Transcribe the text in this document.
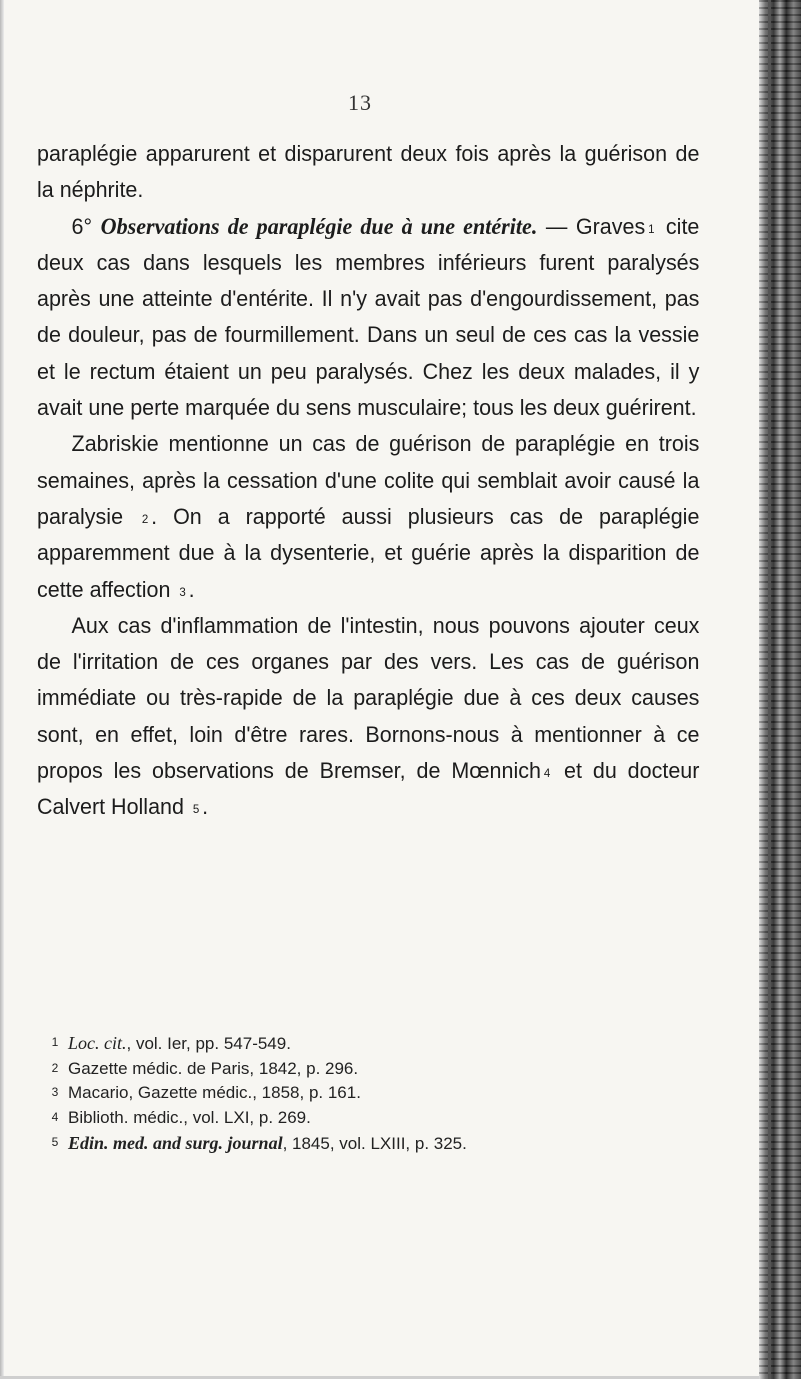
13

paraplégie apparurent et disparurent deux fois après la guérison de la néphrite.

6° Observations de paraplégie due à une entérite. — Graves $^1$ cite deux cas dans lesquels les membres inférieurs furent paralysés après une atteinte d'entérite. Il n'y avait pas d'engourdissement, pas de douleur, pas de fourmillement. Dans un seul de ces cas la vessie et le rectum étaient un peu paralysés. Chez les deux malades, il y avait une perte marquée du sens musculaire; tous les deux guérirent.

Zabriskie mentionne un cas de guérison de paraplégie en trois semaines, après la cessation d'une colite qui semblait avoir causé la paralysie $^2$ . On a rapporté aussi plusieurs cas de paraplégie apparemment due à la dysenterie, et guérie après la disparition de cette affection $^3$ .

Aux cas d'inflammation de l'intestin, nous pouvons ajouter ceux de l'irritation de ces organes par des vers. Les cas de guérison immédiate ou très-rapide de la paraplégie due à ces deux causes sont, en effet, loin d'être rares. Bornons-nous à mentionner à ce propos les observations de Bremser, de Mœnnich $^4$ et du docteur Calvert Holland $^5$ .

1 Loc. cit., vol. Ier, pp. 547-549.
2 Gazette médic. de Paris, 1842, p. 296.
3 Macario, Gazette médic., 1858, p. 161.
4 Biblioth. médic., vol. LXI, p. 269.
5 Edin. med. and surg. journal, 1845, vol. LXIII, p. 325.
